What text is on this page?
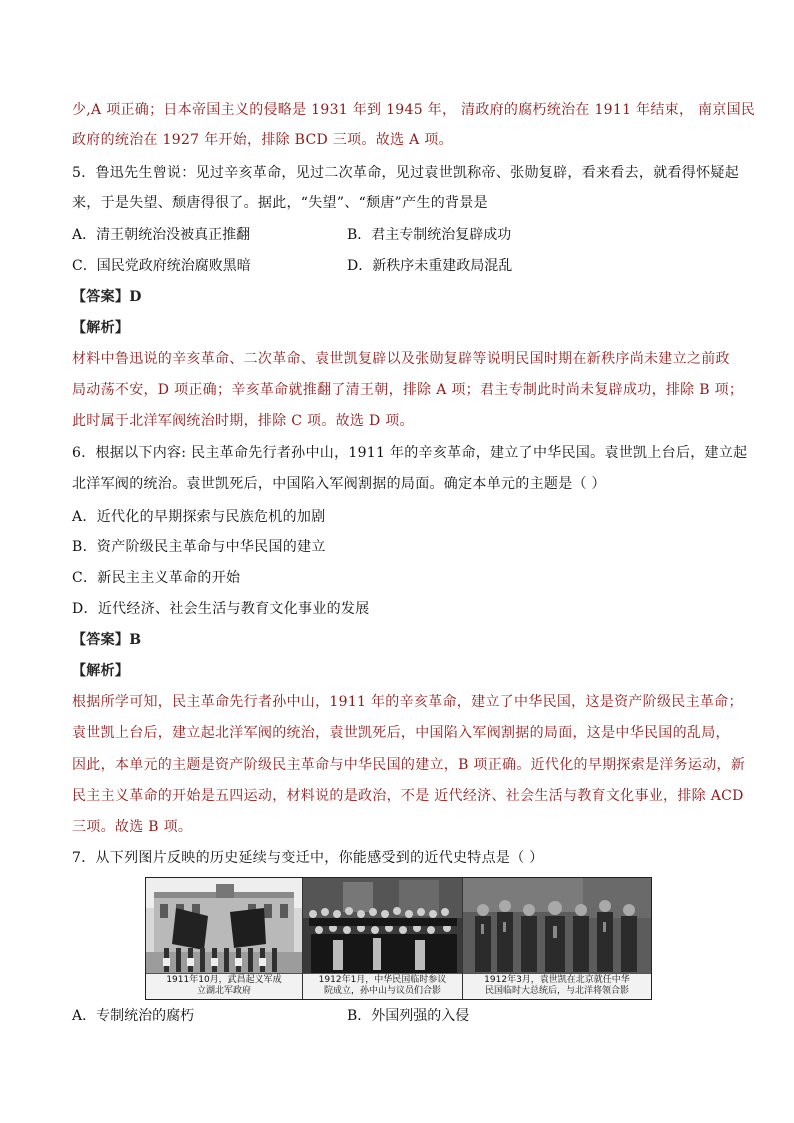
少,A 项正确；日本帝国主义的侵略是 1931 年到 1945 年， 清政府的腐朽统治在 1911 年结束， 南京国民
政府的统治在 1927 年开始，排除 BCD 三项。故选 A 项。
5．鲁迅先生曾说：见过辛亥革命，见过二次革命，见过袁世凯称帝、张勋复辟，看来看去，就看得怀疑起
来，于是失望、颓唐得很了。据此，“失望”、“颓唐”产生的背景是
A．清王朝统治没被真正推翻	B．君主专制统治复辟成功
C．国民党政府统治腐败黑暗	D．新秩序未重建政局混乱
【答案】D
【解析】
材料中鲁迅说的辛亥革命、二次革命、袁世凯复辟以及张勋复辟等说明民国时期在新秩序尚未建立之前政
局动荡不安，D 项正确；辛亥革命就推翻了清王朝，排除 A 项；君主专制此时尚未复辟成功，排除 B 项；
此时属于北洋军阀统治时期，排除 C 项。故选 D 项。
6．根据以下内容: 民主革命先行者孙中山，1911 年的辛亥革命，建立了中华民国。袁世凯上台后，建立起
北洋军阀的统治。袁世凯死后，中国陷入军阀割据的局面。确定本单元的主题是（ ）
A．近代化的早期探索与民族危机的加剧
B．资产阶级民主革命与中华民国的建立
C．新民主主义革命的开始
D．近代经济、社会生活与教育文化事业的发展
【答案】B
【解析】
根据所学可知，民主革命先行者孙中山，1911 年的辛亥革命，建立了中华民国，这是资产阶级民主革命；
袁世凯上台后，建立起北洋军阀的统治，袁世凯死后，中国陷入军阀割据的局面，这是中华民国的乱局，
因此，本单元的主题是资产阶级民主革命与中华民国的建立，B 项正确。近代化的早期探索是洋务运动，新
民主主义革命的开始是五四运动，材料说的是政治，不是 近代经济、社会生活与教育文化事业，排除 ACD
三项。故选 B 项。
7．从下列图片反映的历史延续与变迁中，你能感受到的近代史特点是（ ）
1911年10月，武昌起义军成
立湖北军政府
1912年1月，中华民国临时参议
院成立，孙中山与议员们合影
1912年3月，袁世凯在北京就任中华
民国临时大总统后，与北洋将领合影
A．专制统治的腐朽	B．外国列强的入侵
